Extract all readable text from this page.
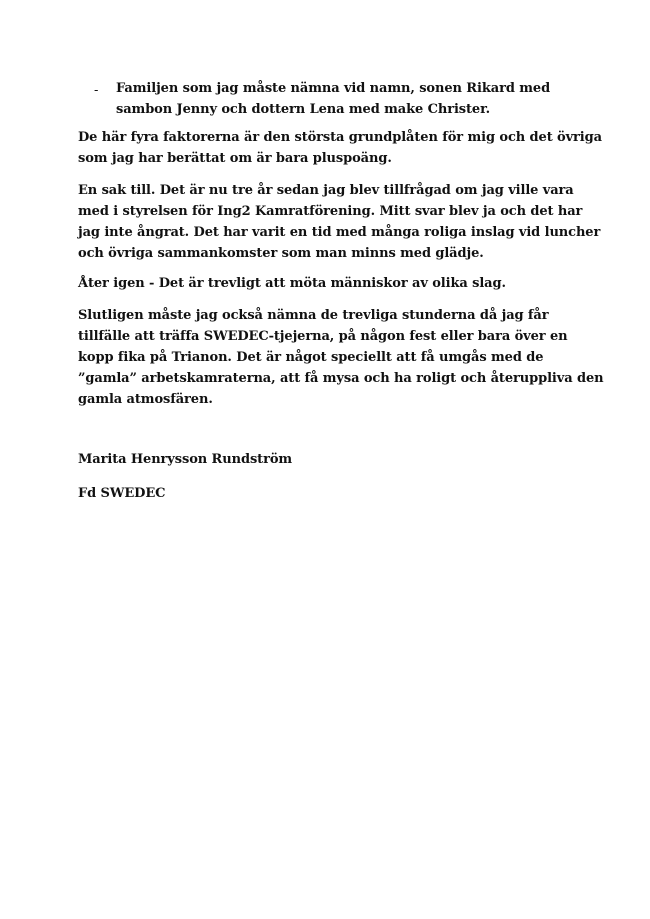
- Familjen som jag måste nämna vid namn, sonen Rikard med
sambon Jenny och dottern Lena med make Christer.
De här fyra faktorerna är den största grundplåten för mig och det övriga
som jag har berättat om är bara pluspoäng.
En sak till. Det är nu tre år sedan jag blev tillfrågad om jag ville vara
med i styrelsen för Ing2 Kamratförening. Mitt svar blev ja och det har
jag inte ångrat. Det har varit en tid med många roliga inslag vid luncher
och övriga sammankomster som man minns med glädje.
Åter igen - Det är trevligt att möta människor av olika slag.
Slutligen måste jag också nämna de trevliga stunderna då jag får
tillfälle att träffa SWEDEC-tjejerna, på någon fest eller bara över en
kopp fika på Trianon. Det är något speciellt att få umgås med de
”gamla” arbetskamraterna, att få mysa och ha roligt och återuppliva den
gamla atmosfären.
Marita Henrysson Rundström
Fd SWEDEC
